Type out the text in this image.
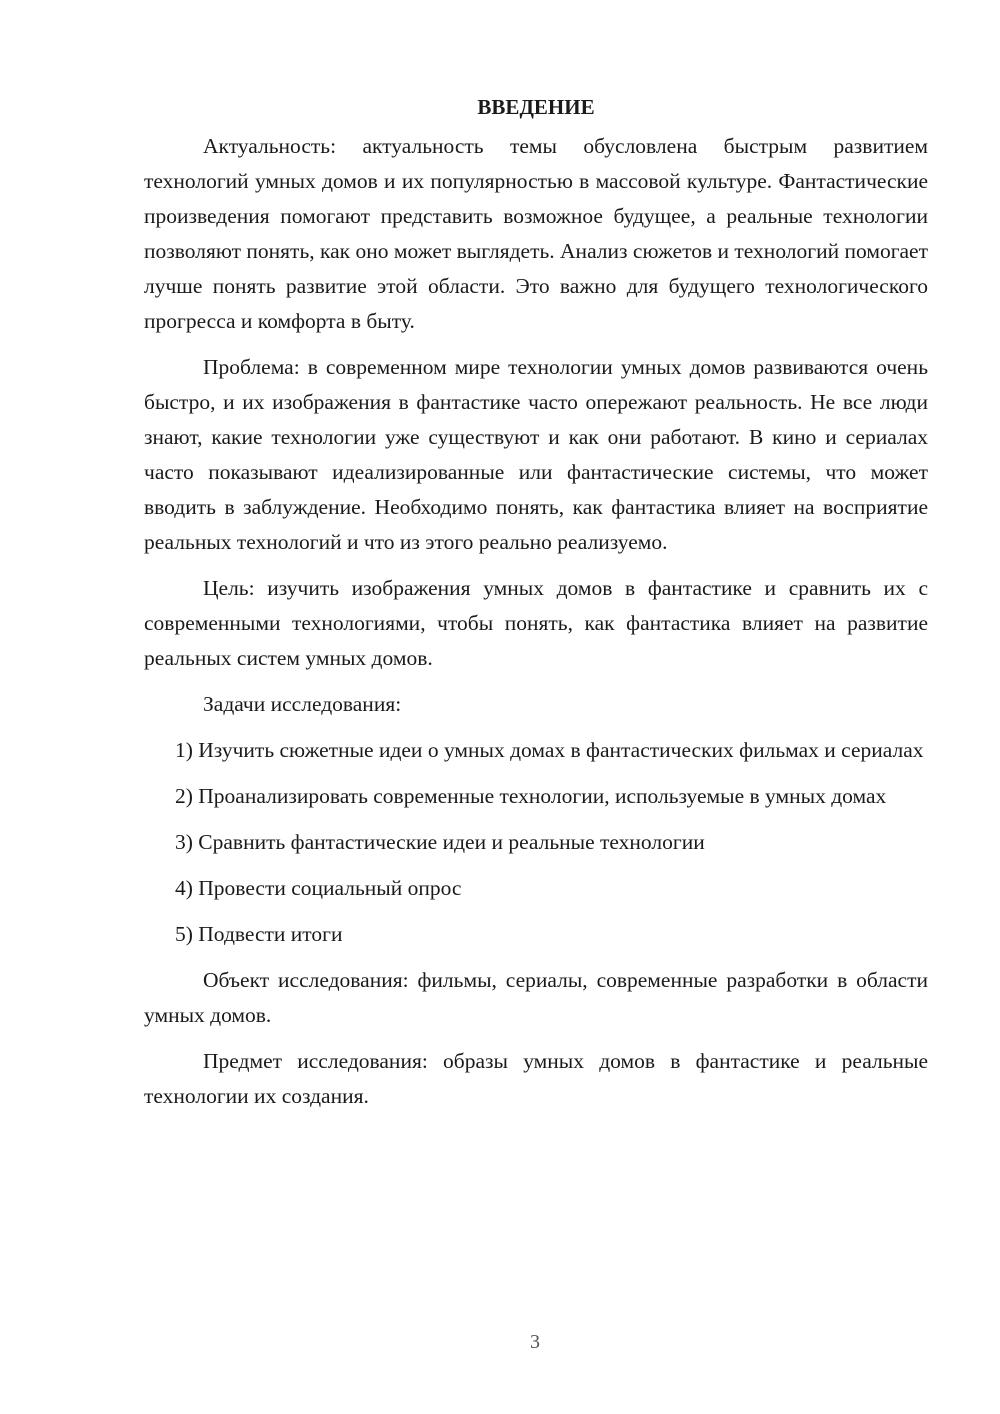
ВВЕДЕНИЕ

Актуальность: актуальность темы обусловлена быстрым развитием технологий умных домов и их популярностью в массовой культуре. Фантастические произведения помогают представить возможное будущее, а реальные технологии позволяют понять, как оно может выглядеть. Анализ сюжетов и технологий помогает лучше понять развитие этой области. Это важно для будущего технологического прогресса и комфорта в быту.

Проблема: в современном мире технологии умных домов развиваются очень быстро, и их изображения в фантастике часто опережают реальность. Не все люди знают, какие технологии уже существуют и как они работают. В кино и сериалах часто показывают идеализированные или фантастические системы, что может вводить в заблуждение. Необходимо понять, как фантастика влияет на восприятие реальных технологий и что из этого реально реализуемо.

Цель: изучить изображения умных домов в фантастике и сравнить их с современными технологиями, чтобы понять, как фантастика влияет на развитие реальных систем умных домов.

Задачи исследования:

1) Изучить сюжетные идеи о умных домах в фантастических фильмах и сериалах

2) Проанализировать современные технологии, используемые в умных домах

3) Сравнить фантастические идеи и реальные технологии

4) Провести социальный опрос

5) Подвести итоги

Объект исследования: фильмы, сериалы, современные разработки в области умных домов.

Предмет исследования: образы умных домов в фантастике и реальные технологии их создания.

3
